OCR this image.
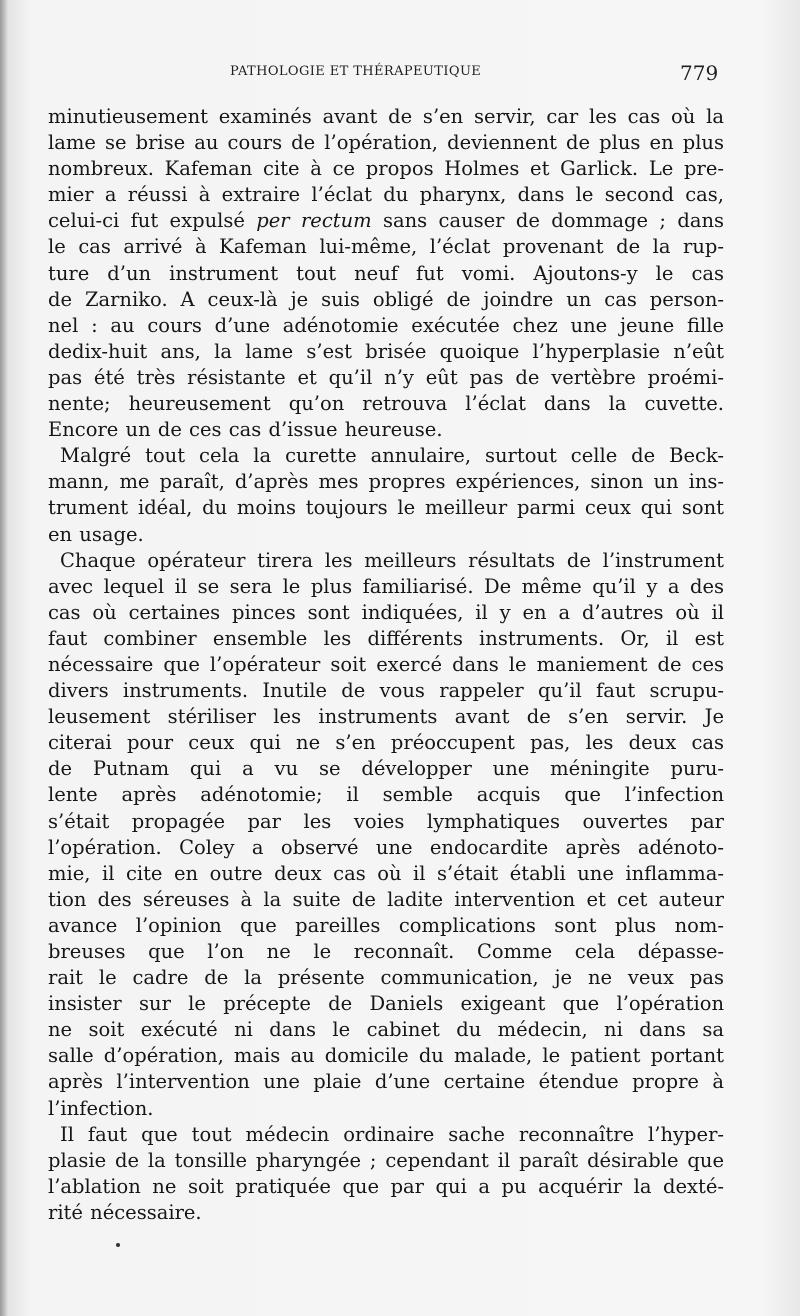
PATHOLOGIE ET THÉRAPEUTIQUE	779
minutieusement examinés avant de s’en servir, car les cas où la
lame se brise au cours de l’opération, deviennent de plus en plus
nombreux. Kafeman cite à ce propos Holmes et Garlick. Le pre-
mier a réussi à extraire l’éclat du pharynx, dans le second cas,
celui-ci fut expulsé per rectum sans causer de dommage ; dans
le cas arrivé à Kafeman lui-même, l’éclat provenant de la rup-
ture d’un instrument tout neuf fut vomi. Ajoutons-y le cas
de Zarniko. A ceux-là je suis obligé de joindre un cas person-
nel : au cours d’une adénotomie exécutée chez une jeune fille
dedix-huit ans, la lame s’est brisée quoique l’hyperplasie n’eût
pas été très résistante et qu’il n’y eût pas de vertèbre proémi-
nente; heureusement qu’on retrouva l’éclat dans la cuvette.
Encore un de ces cas d’issue heureuse.
Malgré tout cela la curette annulaire, surtout celle de Beck-
mann, me paraît, d’après mes propres expériences, sinon un ins-
trument idéal, du moins toujours le meilleur parmi ceux qui sont
en usage.
Chaque opérateur tirera les meilleurs résultats de l’instrument
avec lequel il se sera le plus familiarisé. De même qu’il y a des
cas où certaines pinces sont indiquées, il y en a d’autres où il
faut combiner ensemble les différents instruments. Or, il est
nécessaire que l’opérateur soit exercé dans le maniement de ces
divers instruments. Inutile de vous rappeler qu’il faut scrupu-
leusement stériliser les instruments avant de s’en servir. Je
citerai pour ceux qui ne s’en préoccupent pas, les deux cas
de Putnam qui a vu se développer une méningite puru-
lente après adénotomie; il semble acquis que l’infection
s’était propagée par les voies lymphatiques ouvertes par
l’opération. Coley a observé une endocardite après adénoto-
mie, il cite en outre deux cas où il s’était établi une inflamma-
tion des séreuses à la suite de ladite intervention et cet auteur
avance l’opinion que pareilles complications sont plus nom-
breuses que l’on ne le reconnaît. Comme cela dépasse-
rait le cadre de la présente communication, je ne veux pas
insister sur le précepte de Daniels exigeant que l’opération
ne soit exécuté ni dans le cabinet du médecin, ni dans sa
salle d’opération, mais au domicile du malade, le patient portant
après l’intervention une plaie d’une certaine étendue propre à
l’infection.
Il faut que tout médecin ordinaire sache reconnaître l’hyper-
plasie de la tonsille pharyngée ; cependant il paraît désirable que
l’ablation ne soit pratiquée que par qui a pu acquérir la dexté-
rité nécessaire.
